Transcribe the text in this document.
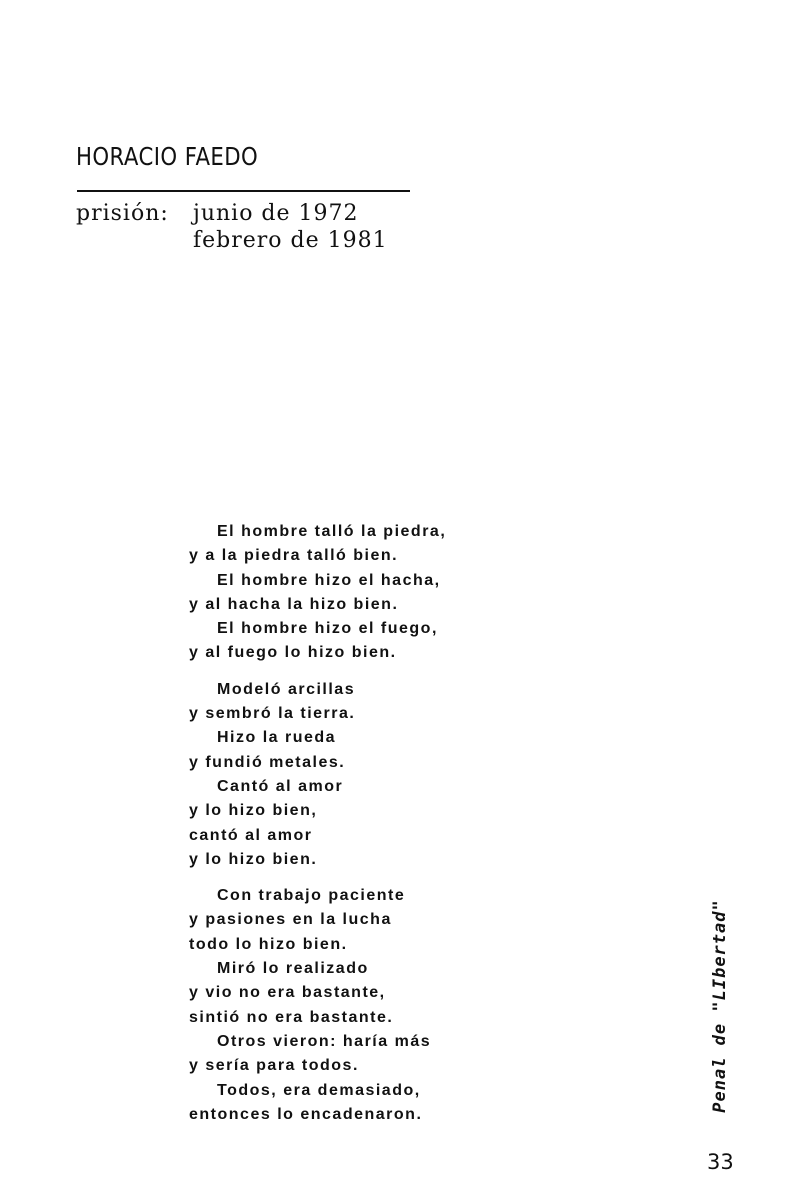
HORACIO FAEDO
prisión:	junio de 1972
febrero de 1981
El hombre talló la piedra,
y a la piedra talló bien.
El hombre hizo el hacha,
y al hacha la hizo bien.
El hombre hizo el fuego,
y al fuego lo hizo bien.
Modeló arcillas
y sembró la tierra.
Hizo la rueda
y fundió metales.
Cantó al amor
y lo hizo bien,
cantó al amor
y lo hizo bien.
Con trabajo paciente
y pasiones en la lucha
todo lo hizo bien.
Miró lo realizado
y vio no era bastante,
sintió no era bastante.
Otros vieron: haría más
y sería para todos.
Todos, era demasiado,
entonces lo encadenaron.
Penal de "LIbertad"
33
